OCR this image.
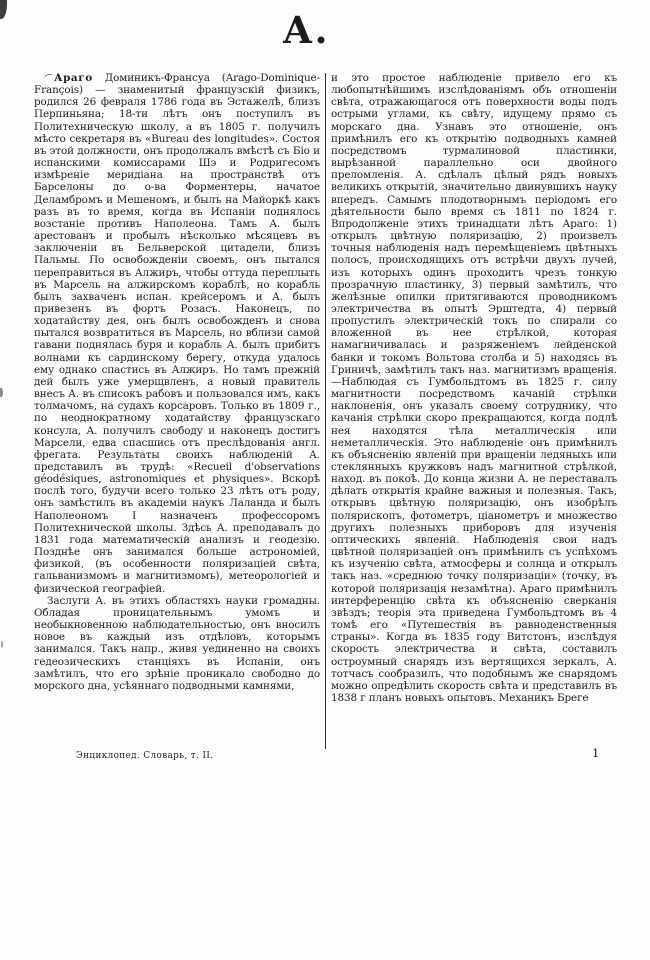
А.

Араго Доминикъ-Франсуа (Arago-Dominique-François) — знаменитый французскій физикъ, родился 26 февраля 1786 года въ Эстажелѣ, близъ Перпиньяна; 18-ти лѣтъ онъ поступилъ въ Политехническую школу, а въ 1805 г. получилъ мѣсто секретаря въ «Bureau des longitudes». Состоя въ этой должности, онъ продолжалъ вмѣстѣ съ Біо и испанскими комиссарами Шэ и Родригесомъ измѣреніе меридіана на пространствѣ отъ Барселоны до о-ва Форментеры, начатое Деламбромъ и Мешеномъ, и былъ на Майоркѣ какъ разъ въ то время, когда въ Испаніи поднялось возстаніе противъ Наполеона. Тамъ А. былъ арестованъ и пробылъ нѣсколько мѣсяцевъ въ заключеніи въ Бельверской цитадели, близъ Пальмы. По освобожденіи своемъ, онъ пытался переправиться въ Алжиръ, чтобы оттуда переплыть въ Марсель на алжирскомъ кораблѣ, но корабль былъ захваченъ испан. крейсеромъ и А. былъ привезенъ въ фортъ Розасъ. Наконецъ, по ходатайству дея, онъ былъ освобожденъ и снова пытался возвратиться въ Марсель, но вблизи самой гавани поднялась буря и корабль А. былъ прибитъ волнами къ сардинскому берегу, откуда удалось ему однако спастись въ Алжиръ. Но тамъ прежній дей былъ уже умерщвленъ, а новый правитель внесъ А. въ списокъ рабовъ и пользовался имъ, какъ толмачомъ, на судахъ корсаровъ. Только въ 1809 г., по неоднократному ходатайству французскаго консула, А. получилъ свободу и наконецъ достигъ Марсели, едва спасшись отъ преслѣдованія англ. фрегата. Результаты своихъ наблюденій А. представилъ въ трудѣ: «Recueil d'observations géodésiques, astronomiques et physiques». Вскорѣ послѣ того, будучи всего только 23 лѣтъ отъ роду, онъ замѣстилъ въ академіи наукъ Лаланда и былъ Наполеономъ I назначенъ профессоромъ Политехнической школы. Здѣсь А. преподавалъ до 1831 года математическій анализъ и геодезію. Позднѣе онъ занимался больше астрономіей, физикой, (въ особенности поляризаціей свѣта, гальванизмомъ и магнитизмомъ), метеорологіей и физической географіей.

Заслуги А. въ этихъ областяхъ науки громадны. Обладая проницательнымъ умомъ и необыкновенною наблюдательностью, онъ вносилъ новое въ каждый изъ отдѣловъ, которымъ занимался. Такъ напр., живя уединенно на своихъ гедеозическихъ станціяхъ въ Испаніи, онъ замѣтилъ, что его зрѣніе проникало свободно до морского дна, усѣяннаго подводными камнями,

и это простое наблюденіе привело его къ любопытнѣйшимъ изслѣдованіямъ объ отношеніи свѣта, отражающагося отъ поверхности воды подъ острыми углами, къ свѣту, идущему прямо съ морскаго дна. Узнавъ это отношеніе, онъ примѣнилъ его къ открытію подводныхъ камней посредствомъ турмалиновой пластинки, вырѣзанной параллельно оси двойного преломленія. А. сдѣлалъ цѣлый рядъ новыхъ великихъ открытій, значительно двинувшихъ науку впередъ. Самымъ плодотворнымъ періодомъ его дѣятельности было время съ 1811 по 1824 г. Впродолженіе этихъ тринадцати лѣтъ Араго: 1) открылъ цвѣтную поляризацію, 2) произвелъ точныя наблюденія надъ перемѣщеніемъ цвѣтныхъ полосъ, происходящихъ отъ встрѣчи двухъ лучей, изъ которыхъ одинъ проходитъ чрезъ тонкую прозрачную пластинку, 3) первый замѣтилъ, что желѣзные опилки притягиваются проводникомъ электричества въ опытѣ Эрштедта, 4) первый пропустилъ электрическій токъ по спирали со вложенной въ нее стрѣлкой, которая намагничивалась и разряженіемъ лейденской банки и токомъ Вольтова столба и 5) находясь въ Гриничѣ, замѣтилъ такъ наз. магнитизмъ вращенія.—Наблюдая съ Гумбольдтомъ въ 1825 г. силу магнитности посредствомъ качаній стрѣлки наклоненія, онъ указалъ своему сотруднику, что качанія стрѣлки скоро прекращаются, когда подлѣ нея находятся тѣла металлическія или неметаллическія. Это наблюденіе онъ примѣнилъ къ объясненію явленій при вращеніи ледяныхъ или стеклянныхъ кружковъ надъ магнитной стрѣлкой, наход. въ покоѣ. До конца жизни А. не переставалъ дѣлать открытія крайне важныя и полезныя. Такъ, открывъ цвѣтную поляризацію, онъ изобрѣлъ полярископъ, фотометръ, ціанометръ и множество другихъ полезныхъ приборовъ для изученія оптическихъ явленій. Наблюденія свои надъ цвѣтной поляризаціей онъ примѣнилъ съ успѣхомъ къ изученію свѣта, атмосферы и солнца и открылъ такъ наз. «среднюю точку поляризаціи» (точку, въ которой поляризація незамѣтна). Араго примѣнилъ интерференцію свѣта къ объясненію сверканія звѣздъ; теорія эта приведена Гумбольдтомъ въ 4 томѣ его «Путешествія въ равноденственныя страны». Когда въ 1835 году Витстонъ, изслѣдуя скорость электричества и свѣта, составилъ остроумный снарядъ изъ вертящихся зеркалъ, А. тотчасъ сообразилъ, что подобнымъ же снарядомъ можно опредѣлить скорость свѣта и представилъ въ 1838 г планъ новыхъ опытовъ. Механикъ Бреге

Энциклопед. Словарь, т. II.	1
